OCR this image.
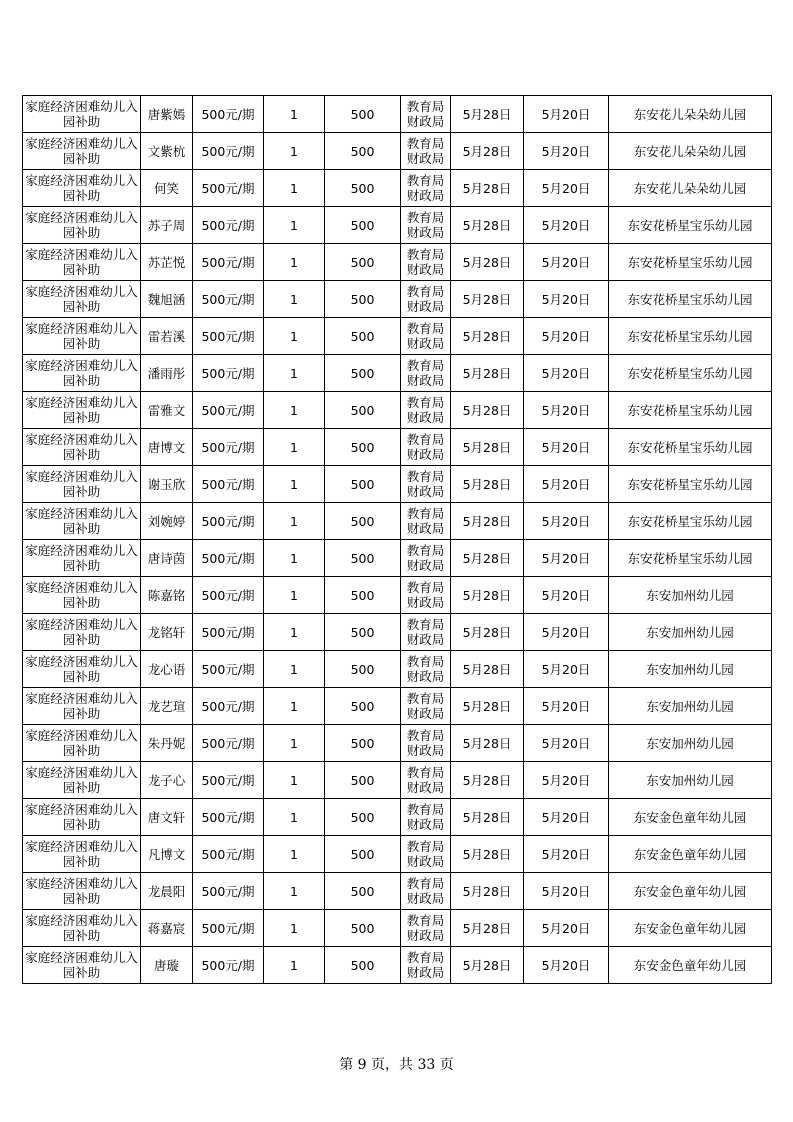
家庭经济困难幼儿入园补助	唐紫嫣	500元/期	1	500	教育局财政局	5月28日	5月20日	东安花儿朵朵幼儿园
家庭经济困难幼儿入园补助	文紫杭	500元/期	1	500	教育局财政局	5月28日	5月20日	东安花儿朵朵幼儿园
家庭经济困难幼儿入园补助	何笑	500元/期	1	500	教育局财政局	5月28日	5月20日	东安花儿朵朵幼儿园
家庭经济困难幼儿入园补助	苏子周	500元/期	1	500	教育局财政局	5月28日	5月20日	东安花桥星宝乐幼儿园
家庭经济困难幼儿入园补助	苏芷悦	500元/期	1	500	教育局财政局	5月28日	5月20日	东安花桥星宝乐幼儿园
家庭经济困难幼儿入园补助	魏旭涵	500元/期	1	500	教育局财政局	5月28日	5月20日	东安花桥星宝乐幼儿园
家庭经济困难幼儿入园补助	雷若溪	500元/期	1	500	教育局财政局	5月28日	5月20日	东安花桥星宝乐幼儿园
家庭经济困难幼儿入园补助	潘雨彤	500元/期	1	500	教育局财政局	5月28日	5月20日	东安花桥星宝乐幼儿园
家庭经济困难幼儿入园补助	雷雅文	500元/期	1	500	教育局财政局	5月28日	5月20日	东安花桥星宝乐幼儿园
家庭经济困难幼儿入园补助	唐博文	500元/期	1	500	教育局财政局	5月28日	5月20日	东安花桥星宝乐幼儿园
家庭经济困难幼儿入园补助	谢玉欣	500元/期	1	500	教育局财政局	5月28日	5月20日	东安花桥星宝乐幼儿园
家庭经济困难幼儿入园补助	刘婉婷	500元/期	1	500	教育局财政局	5月28日	5月20日	东安花桥星宝乐幼儿园
家庭经济困难幼儿入园补助	唐诗茵	500元/期	1	500	教育局财政局	5月28日	5月20日	东安花桥星宝乐幼儿园
家庭经济困难幼儿入园补助	陈嘉铭	500元/期	1	500	教育局财政局	5月28日	5月20日	东安加州幼儿园
家庭经济困难幼儿入园补助	龙铭轩	500元/期	1	500	教育局财政局	5月28日	5月20日	东安加州幼儿园
家庭经济困难幼儿入园补助	龙心语	500元/期	1	500	教育局财政局	5月28日	5月20日	东安加州幼儿园
家庭经济困难幼儿入园补助	龙艺瑄	500元/期	1	500	教育局财政局	5月28日	5月20日	东安加州幼儿园
家庭经济困难幼儿入园补助	朱丹妮	500元/期	1	500	教育局财政局	5月28日	5月20日	东安加州幼儿园
家庭经济困难幼儿入园补助	龙子心	500元/期	1	500	教育局财政局	5月28日	5月20日	东安加州幼儿园
家庭经济困难幼儿入园补助	唐文轩	500元/期	1	500	教育局财政局	5月28日	5月20日	东安金色童年幼儿园
家庭经济困难幼儿入园补助	凡博文	500元/期	1	500	教育局财政局	5月28日	5月20日	东安金色童年幼儿园
家庭经济困难幼儿入园补助	龙晨阳	500元/期	1	500	教育局财政局	5月28日	5月20日	东安金色童年幼儿园
家庭经济困难幼儿入园补助	蒋嘉宸	500元/期	1	500	教育局财政局	5月28日	5月20日	东安金色童年幼儿园
家庭经济困难幼儿入园补助	唐璇	500元/期	1	500	教育局财政局	5月28日	5月20日	东安金色童年幼儿园
第 9 页，共 33 页
